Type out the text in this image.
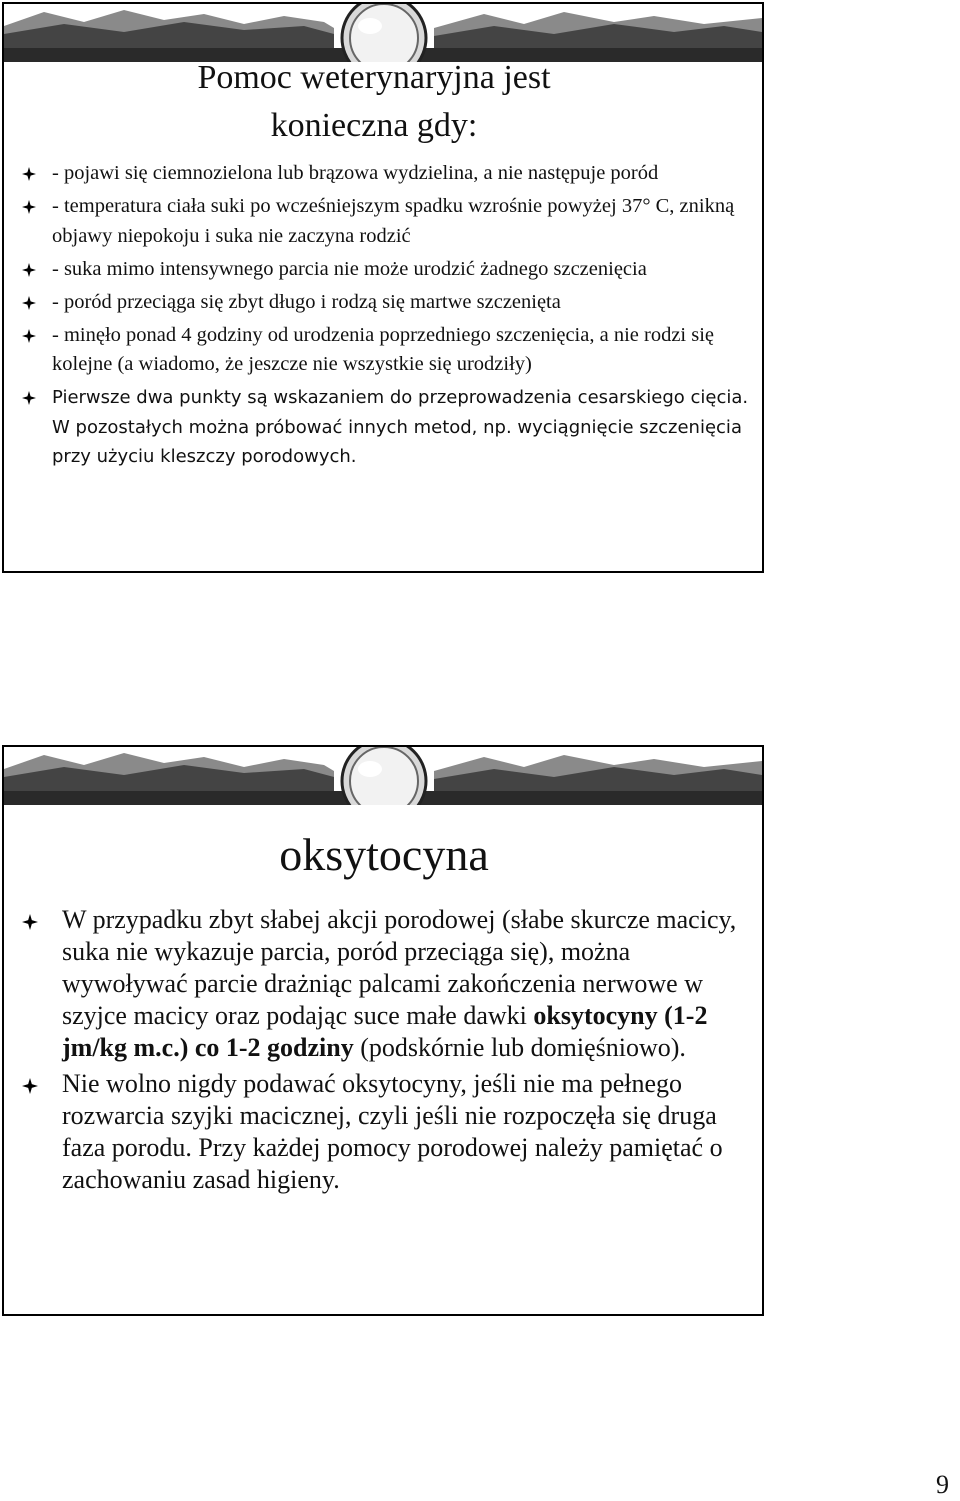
Pomoc weterynaryjna jest
konieczna gdy:
- pojawi się ciemnozielona lub brązowa wydzielina, a nie następuje poród
- temperatura ciała suki po wcześniejszym spadku wzrośnie powyżej 37° C, znikną objawy niepokoju i suka nie zaczyna rodzić
- suka mimo intensywnego parcia nie może urodzić żadnego szczenięcia
- poród przeciąga się zbyt długo i rodzą się martwe szczenięta
- minęło ponad 4 godziny od urodzenia poprzedniego szczenięcia, a nie rodzi się kolejne (a wiadomo, że jeszcze nie wszystkie się urodziły)
Pierwsze dwa punkty są wskazaniem do przeprowadzenia cesarskiego cięcia. W pozostałych można próbować innych metod, np. wyciągnięcie szczenięcia przy użyciu kleszczy porodowych.
oksytocyna
W przypadku zbyt słabej akcji porodowej (słabe skurcze macicy, suka nie wykazuje parcia, poród przeciąga się), można wywoływać parcie drażniąc palcami zakończenia nerwowe w szyjce macicy oraz podając suce małe dawki oksytocyny (1-2 jm/kg m.c.) co 1-2 godziny (podskórnie lub domięśniowo).
Nie wolno nigdy podawać oksytocyny, jeśli nie ma pełnego rozwarcia szyjki macicznej, czyli jeśli nie rozpoczęła się druga faza porodu. Przy każdej pomocy porodowej należy pamiętać o zachowaniu zasad higieny.

9
